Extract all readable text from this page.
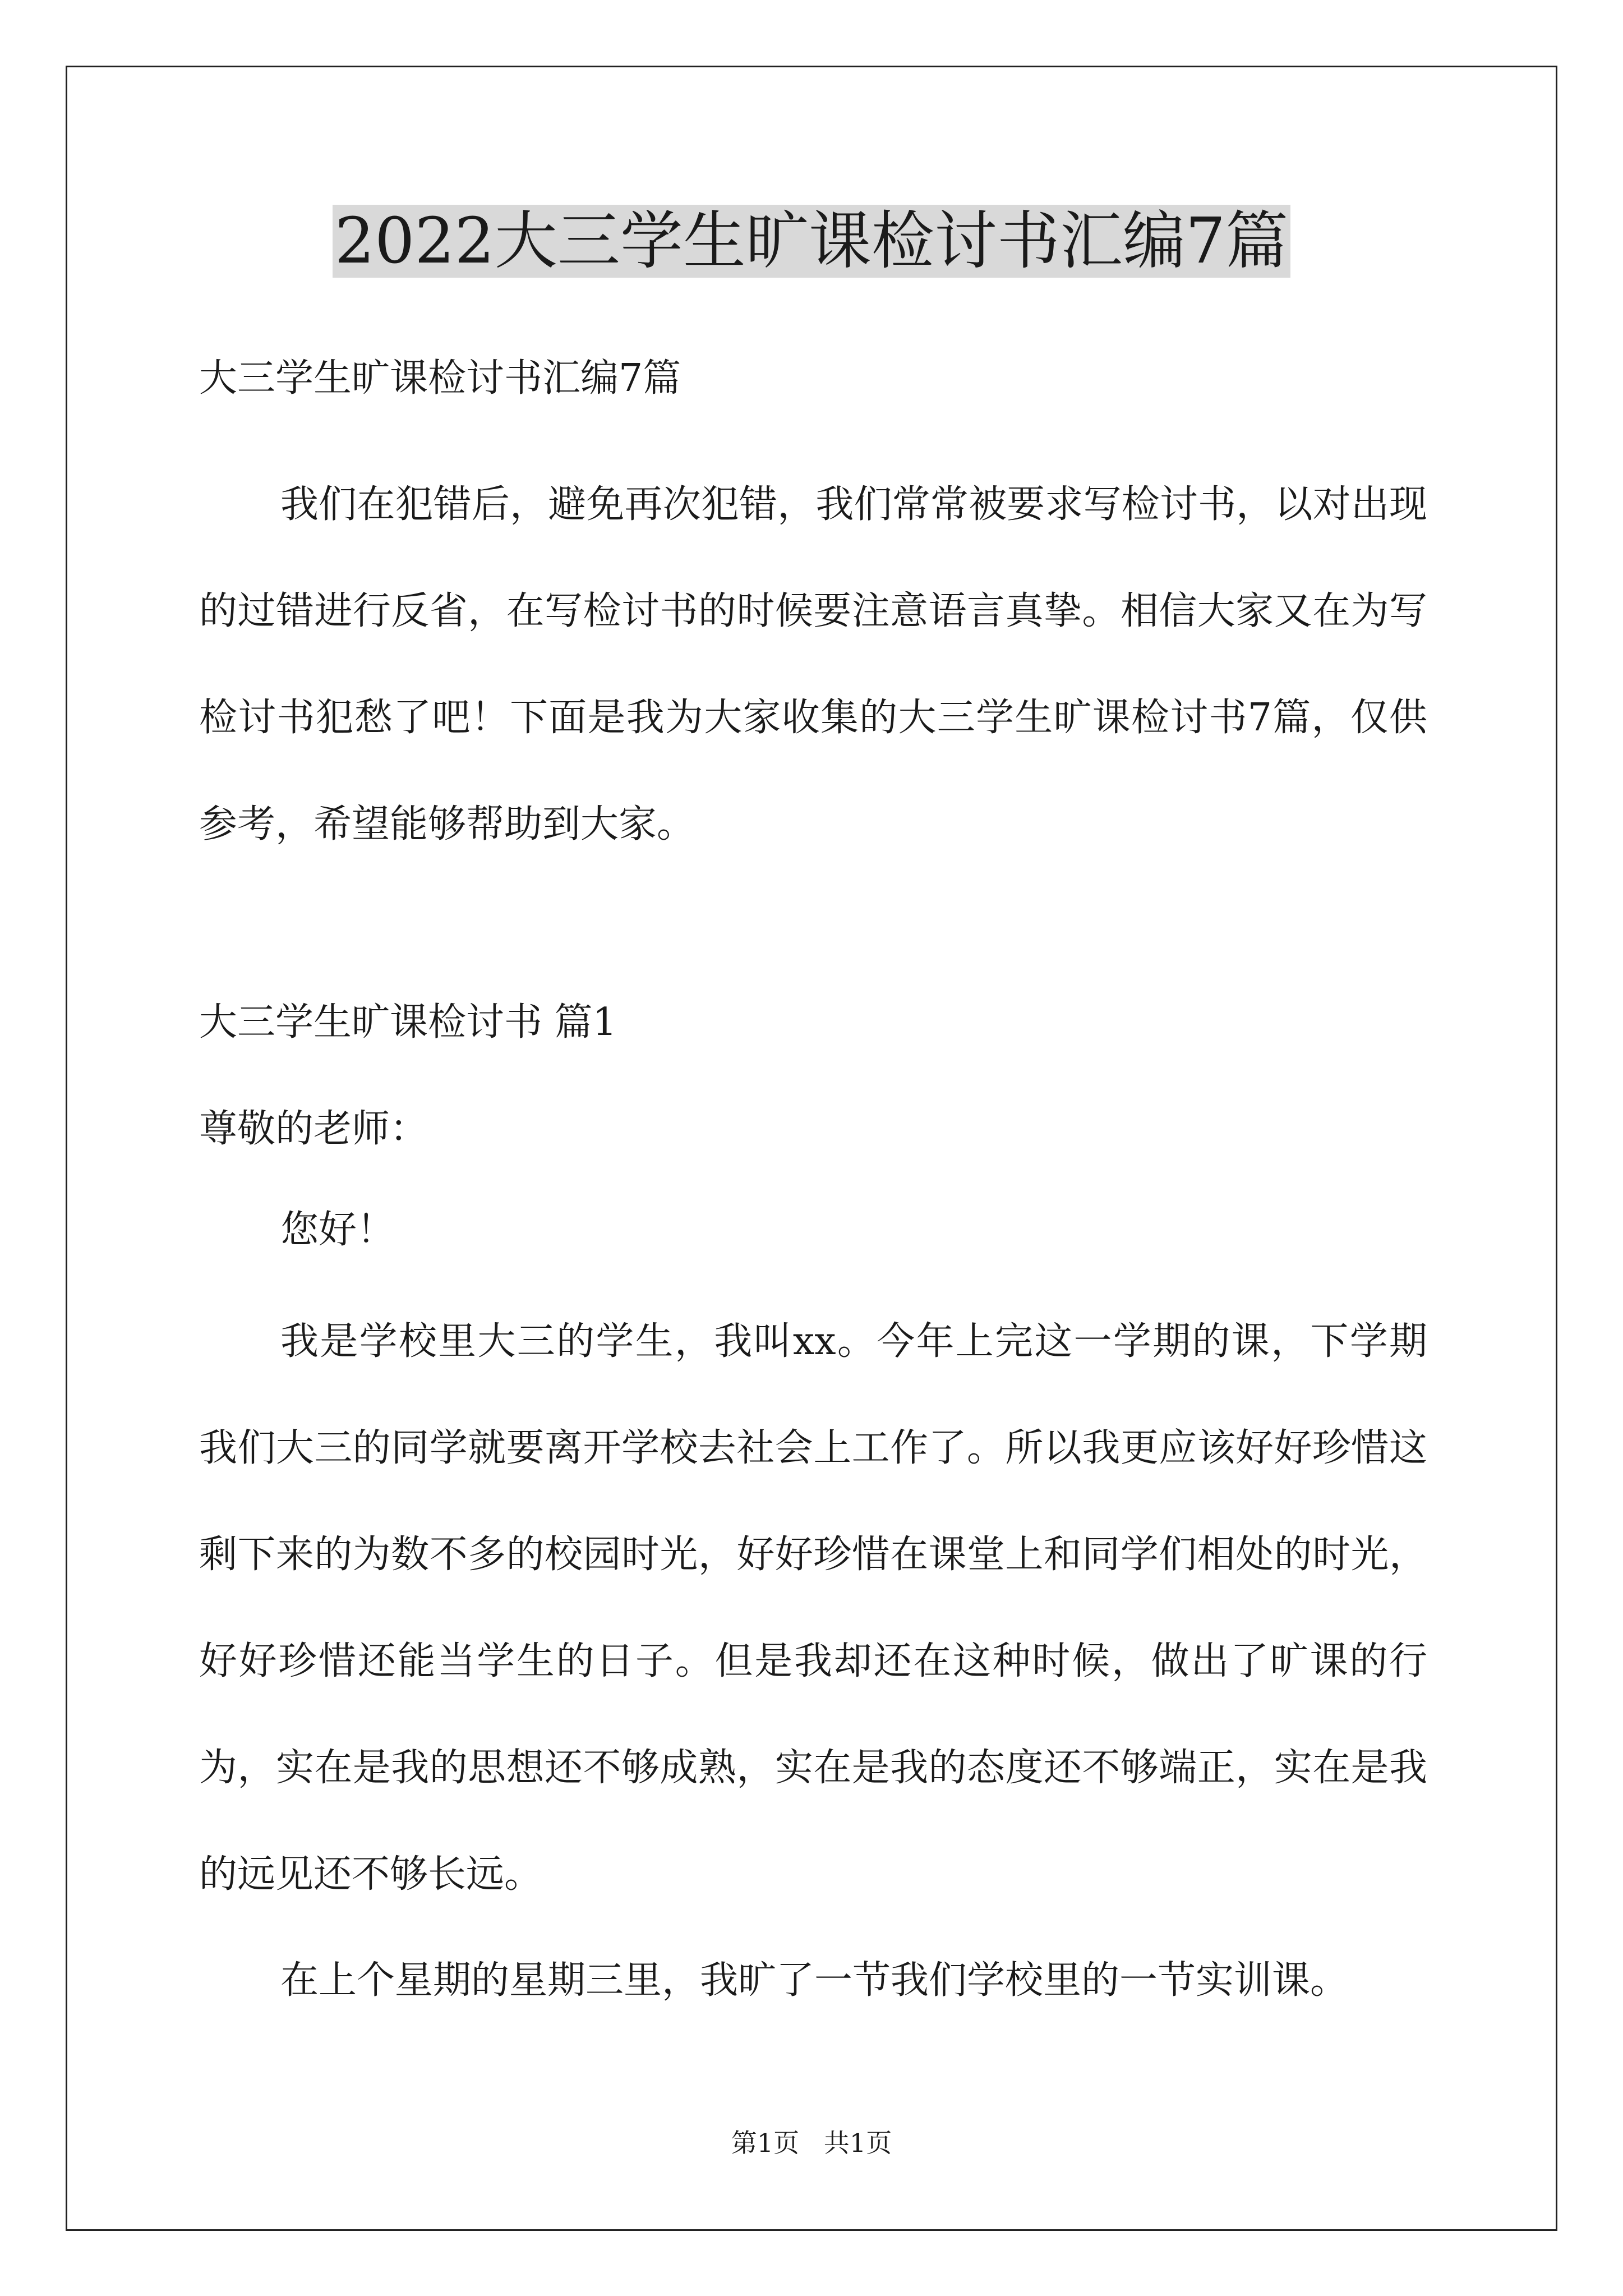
2022大三学生旷课检讨书汇编7篇
大三学生旷课检讨书汇编7篇

我们在犯错后，避免再次犯错，我们常常被要求写检讨书，以对出现的过错进行反省，在写检讨书的时候要注意语言真挚。相信大家又在为写检讨书犯愁了吧！下面是我为大家收集的大三学生旷课检讨书7篇，仅供参考，希望能够帮助到大家。

大三学生旷课检讨书 篇1
尊敬的老师：
您好！

我是学校里大三的学生，我叫xx。今年上完这一学期的课，下学期我们大三的同学就要离开学校去社会上工作了。所以我更应该好好珍惜这剩下来的为数不多的校园时光，好好珍惜在课堂上和同学们相处的时光，好好珍惜还能当学生的日子。但是我却还在这种时候，做出了旷课的行为，实在是我的思想还不够成熟，实在是我的态度还不够端正，实在是我的远见还不够长远。

在上个星期的星期三里，我旷了一节我们学校里的一节实训课。

第1页   共1页
